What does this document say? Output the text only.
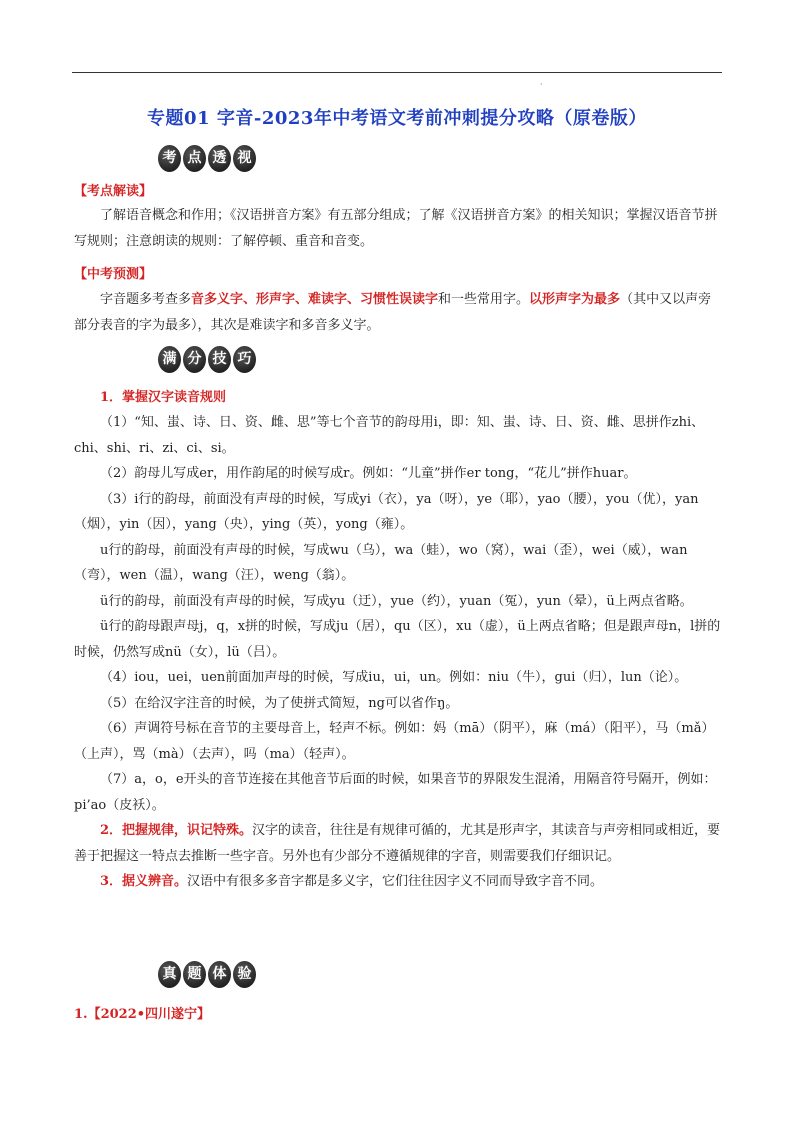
·
专题01 字音-2023年中考语文考前冲刺提分攻略（原卷版）
考 点 透 视
【考点解读】
了解语音概念和作用；《汉语拼音方案》有五部分组成；了解《汉语拼音方案》的相关知识；掌握汉语音节拼写规则；注意朗读的规则：了解停顿、重音和音变。
【中考预测】
字音题多考查多音多义字、形声字、难读字、习惯性误读字和一些常用字。以形声字为最多（其中又以声旁部分表音的字为最多），其次是难读字和多音多义字。
满 分 技 巧
1．掌握汉字读音规则
（1）“知、蚩、诗、日、资、雌、思”等七个音节的韵母用i，即：知、蚩、诗、日、资、雌、思拼作zhi、chi、shi、ri、zi、ci、si。
（2）韵母儿写成er，用作韵尾的时候写成r。例如：“儿童”拼作er tong，“花儿”拼作huar。
（3）i行的韵母，前面没有声母的时候，写成yi（衣），ya（呀），ye（耶），yao（腰），you（优），yan（烟），yin（因），yang（央），ying（英），yong（雍）。
u行的韵母，前面没有声母的时候，写成wu（乌），wa（蛙），wo（窝），wai（歪），wei（威），wan（弯），wen（温），wang（汪），weng（翁）。
ü行的韵母，前面没有声母的时候，写成yu（迂），yue（约），yuan（冤），yun（晕），ü上两点省略。
ü行的韵母跟声母j，q，x拼的时候，写成ju（居），qu（区），xu（虚），ü上两点省略；但是跟声母n，l拼的时候，仍然写成nü（女），lü（吕）。
（4）iou，uei，uen前面加声母的时候，写成iu，ui，un。例如：niu（牛），gui（归），lun（论）。
（5）在给汉字注音的时候，为了使拼式简短，ng可以省作ŋ。
（6）声调符号标在音节的主要母音上，轻声不标。例如：妈（mā）（阴平），麻（má）（阳平），马（mǎ）（上声），骂（mà）（去声），吗（ma）（轻声）。
（7）a，o，e开头的音节连接在其他音节后面的时候，如果音节的界限发生混淆，用隔音符号隔开，例如：pi’ao（皮袄）。
2．把握规律，识记特殊。汉字的读音，往往是有规律可循的，尤其是形声字，其读音与声旁相同或相近，要善于把握这一特点去推断一些字音。另外也有少部分不遵循规律的字音，则需要我们仔细识记。
3．据义辨音。汉语中有很多多音字都是多义字，它们往往因字义不同而导致字音不同。
真 题 体 验
1.【2022•四川遂宁】
